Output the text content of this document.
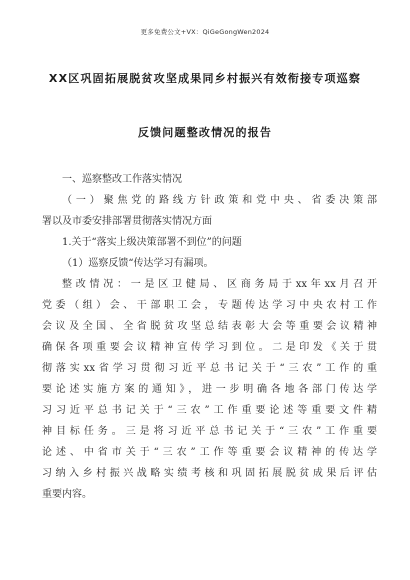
更多免费公文+VX：QiGeGongWen2024
XX区巩固拓展脱贫攻坚成果同乡村振兴有效衔接专项巡察
反馈问题整改情况的报告
一、巡察整改工作落实情况
（一）聚焦党的路线方针政策和党中央、省委决策部
署以及市委安排部署贯彻落实情况方面
1.关于“落实上级决策部署不到位”的问题
（1）巡察反馈“传达学习有漏项。
整改情况：一是区卫健局、区商务局于xx年xx月召开
党委（组）会、干部职工会，专题传达学习中央农村工作
会议及全国、全省脱贫攻坚总结表彰大会等重要会议精神
确保各项重要会议精神宣传学习到位。二是印发《关于贯
彻落实xx省学习贯彻习近平总书记关于“三农”工作的重
要论述实施方案的通知》，进一步明确各地各部门传达学
习习近平总书记关于“三农”工作重要论述等重要文件精
神目标任务。三是将习近平总书记关于“三农”工作重要
论述、中省市关于“三农”工作等重要会议精神的传达学
习纳入乡村振兴战略实绩考核和巩固拓展脱贫成果后评估
重要内容。
